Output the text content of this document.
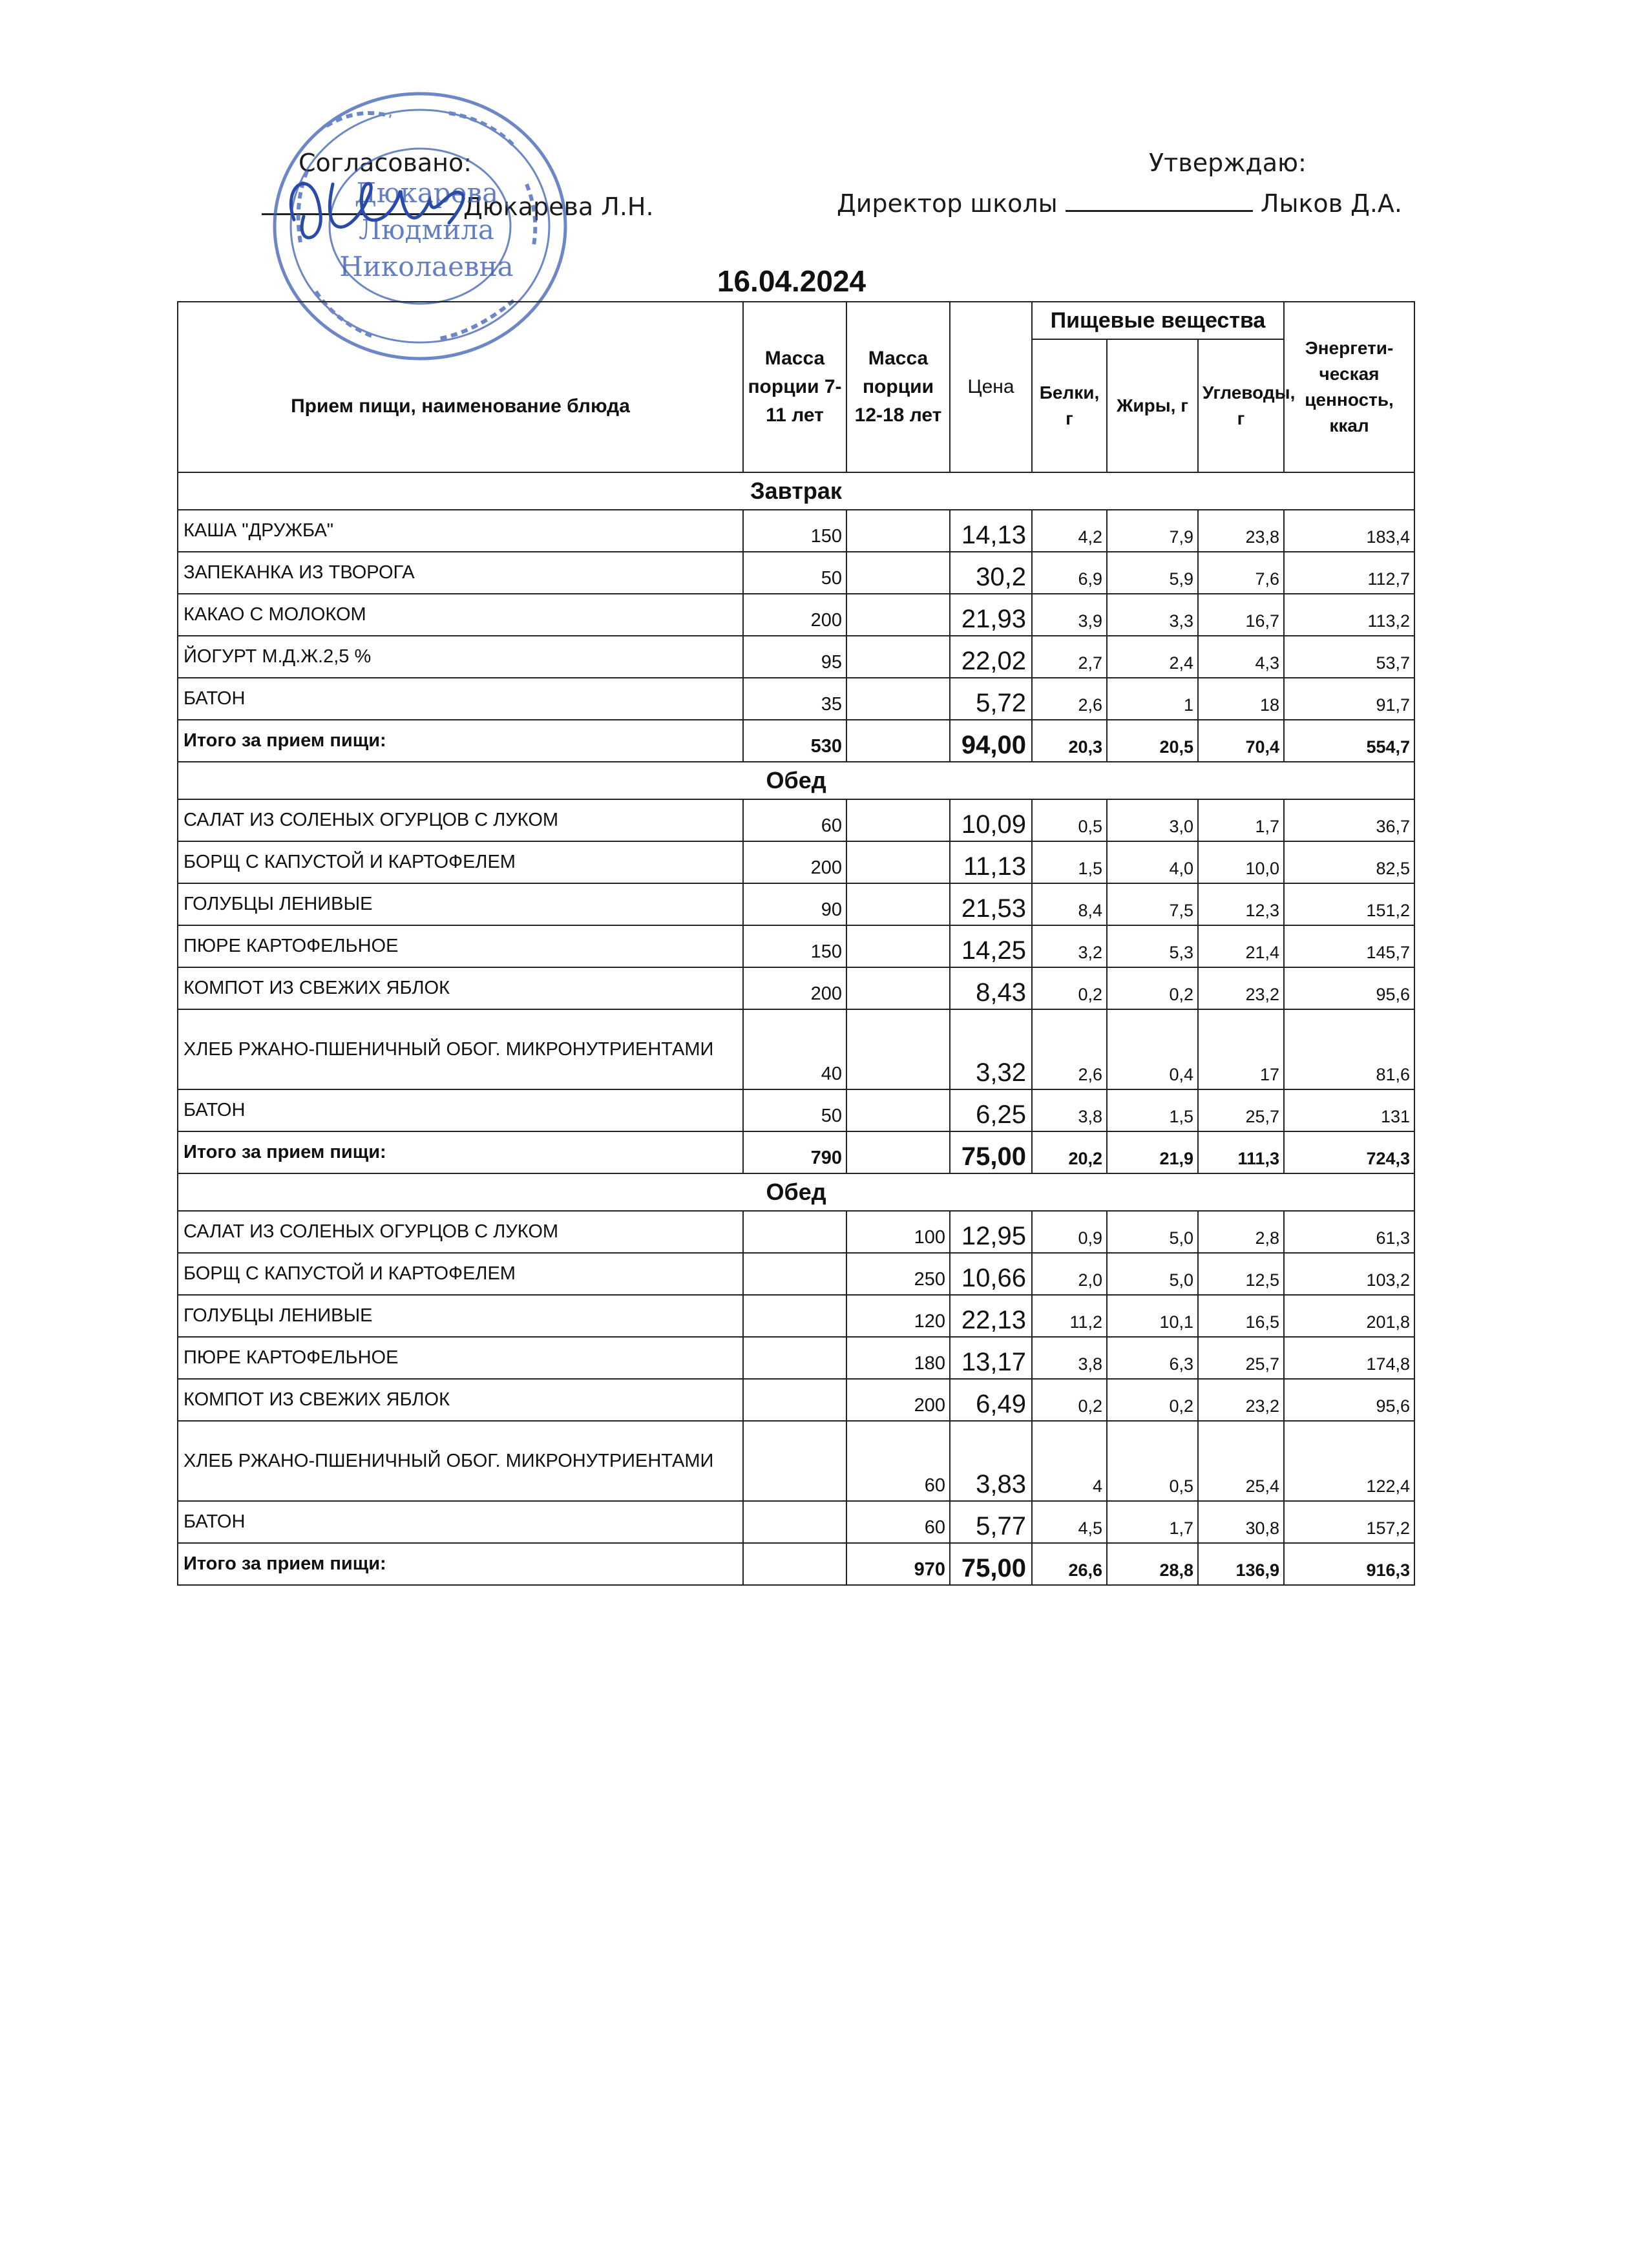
Согласовано:
Дюкарева Л.Н.
Утверждаю:
Директор школы	Лыков Д.А.
Дюкарева
Людмила
Николаевна	16.04.2024
Прием пищи, наименование блюда	Масса порции 7-11 лет	Масса порции 12-18 лет	Цена	Пищевые вещества			Энергети-ческая ценность, ккал
				Белки, г	Жиры, г	Углеводы, г	
Завтрак							
КАША "ДРУЖБА"	150		14,13	4,2	7,9	23,8	183,4
ЗАПЕКАНКА ИЗ ТВОРОГА	50		30,2	6,9	5,9	7,6	112,7
КАКАО С МОЛОКОМ	200		21,93	3,9	3,3	16,7	113,2
ЙОГУРТ М.Д.Ж.2,5 %	95		22,02	2,7	2,4	4,3	53,7
БАТОН	35		5,72	2,6	1	18	91,7
Итого за прием пищи:	530		94,00	20,3	20,5	70,4	554,7
Обед							
САЛАТ ИЗ СОЛЕНЫХ ОГУРЦОВ С ЛУКОМ	60		10,09	0,5	3,0	1,7	36,7
БОРЩ С КАПУСТОЙ И КАРТОФЕЛЕМ	200		11,13	1,5	4,0	10,0	82,5
ГОЛУБЦЫ ЛЕНИВЫЕ	90		21,53	8,4	7,5	12,3	151,2
ПЮРЕ КАРТОФЕЛЬНОЕ	150		14,25	3,2	5,3	21,4	145,7
КОМПОТ ИЗ СВЕЖИХ ЯБЛОК	200		8,43	0,2	0,2	23,2	95,6
ХЛЕБ РЖАНО-ПШЕНИЧНЫЙ ОБОГ. МИКРОНУТРИЕНТАМИ	40		3,32	2,6	0,4	17	81,6
БАТОН	50		6,25	3,8	1,5	25,7	131
Итого за прием пищи:	790		75,00	20,2	21,9	111,3	724,3
Обед							
САЛАТ ИЗ СОЛЕНЫХ ОГУРЦОВ С ЛУКОМ		100	12,95	0,9	5,0	2,8	61,3
БОРЩ С КАПУСТОЙ И КАРТОФЕЛЕМ		250	10,66	2,0	5,0	12,5	103,2
ГОЛУБЦЫ ЛЕНИВЫЕ		120	22,13	11,2	10,1	16,5	201,8
ПЮРЕ КАРТОФЕЛЬНОЕ		180	13,17	3,8	6,3	25,7	174,8
КОМПОТ ИЗ СВЕЖИХ ЯБЛОК		200	6,49	0,2	0,2	23,2	95,6
ХЛЕБ РЖАНО-ПШЕНИЧНЫЙ ОБОГ. МИКРОНУТРИЕНТАМИ		60	3,83	4	0,5	25,4	122,4
БАТОН		60	5,77	4,5	1,7	30,8	157,2
Итого за прием пищи:		970	75,00	26,6	28,8	136,9	916,3
